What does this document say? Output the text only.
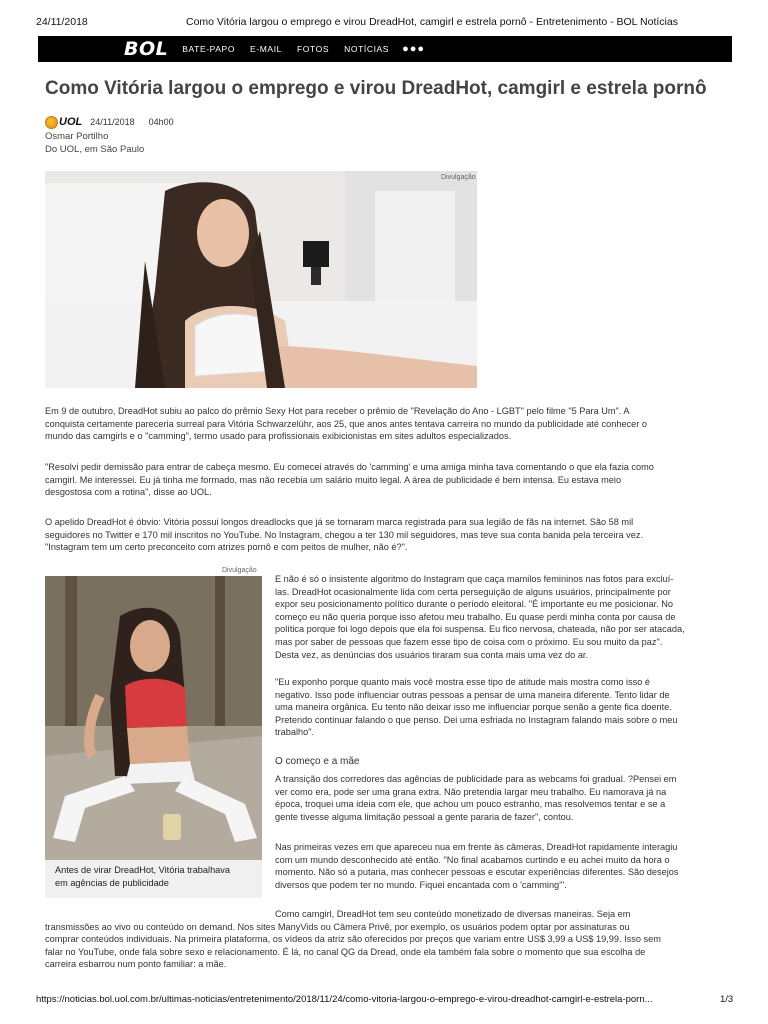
24/11/2018	Como Vitória largou o emprego e virou DreadHot, camgirl e estrela pornô - Entretenimento - BOL Notícias
BOL BATE-PAPO E-MAIL FOTOS NOTÍCIAS ●●●
Como Vitória largou o emprego e virou DreadHot, camgirl e estrela pornô
UOL 24/11/2018 04h00
Osmar Portilho
Do UOL, em São Paulo
Divulgação
Em 9 de outubro, DreadHot subiu ao palco do prêmio Sexy Hot para receber o prêmio de "Revelação do Ano - LGBT" pelo filme "5 Para Um". A
conquista certamente pareceria surreal para Vitória Schwarzelühr, aos 25, que anos antes tentava carreira no mundo da publicidade até conhecer o
mundo das camgirls e o "camming", termo usado para profissionais exibicionistas em sites adultos especializados.
"Resolvi pedir demissão para entrar de cabeça mesmo. Eu comecei através do 'camming' e uma amiga minha tava comentando o que ela fazia como
camgirl. Me interessei. Eu já tinha me formado, mas não recebia um salário muito legal. A área de publicidade é bem intensa. Eu estava meio
desgostosa com a rotina", disse ao UOL.
O apelido DreadHot é óbvio: Vitória possui longos dreadlocks que já se tornaram marca registrada para sua legião de fãs na internet. São 58 mil
seguidores no Twitter e 170 mil inscritos no YouTube. No Instagram, chegou a ter 130 mil seguidores, mas teve sua conta banida pela terceira vez.
"Instagram tem um certo preconceito com atrizes pornô e com peitos de mulher, não é?".
Divulgação
Antes de virar DreadHot, Vitória trabalhava
em agências de publicidade
E não é só o insistente algoritmo do Instagram que caça mamilos femininos nas fotos para excluí-
las. DreadHot ocasionalmente lida com certa perseguição de alguns usuários, principalmente por
expor seu posicionamento político durante o período eleitoral. "É importante eu me posicionar. No
começo eu não queria porque isso afetou meu trabalho. Eu quase perdi minha conta por causa de
política porque foi logo depois que ela foi suspensa. Eu fico nervosa, chateada, não por ser atacada,
mas por saber de pessoas que fazem esse tipo de coisa com o próximo. Eu sou muito da paz".
Desta vez, as denúncias dos usuários tiraram sua conta mais uma vez do ar.
"Eu exponho porque quanto mais você mostra esse tipo de atitude mais mostra como isso é
negativo. Isso pode influenciar outras pessoas a pensar de uma maneira diferente. Tento lidar de
uma maneira orgânica. Eu tento não deixar isso me influenciar porque senão a gente fica doente.
Pretendo continuar falando o que penso. Dei uma esfriada no Instagram falando mais sobre o meu
trabalho".
O começo e a mãe
A transição dos corredores das agências de publicidade para as webcams foi gradual. ?Pensei em
ver como era, pode ser uma grana extra. Não pretendia largar meu trabalho. Eu namorava já na
época, troquei uma ideia com ele, que achou um pouco estranho, mas resolvemos tentar e se a
gente tivesse alguma limitação pessoal a gente pararia de fazer", contou.
Nas primeiras vezes em que apareceu nua em frente às câmeras, DreadHot rapidamente interagiu
com um mundo desconhecido até então. "No final acabamos curtindo e eu achei muito da hora o
momento. Não só a putaria, mas conhecer pessoas e escutar experiências diferentes. São desejos
diversos que podem ter no mundo. Fiquei encantada com o 'camming'".
Como camgirl, DreadHot tem seu conteúdo monetizado de diversas maneiras. Seja em
transmissões ao vivo ou conteúdo on demand. Nos sites ManyVids ou Câmera Privê, por exemplo, os usuários podem optar por assinaturas ou
comprar conteúdos individuais. Na primeira plataforma, os vídeos da atriz são oferecidos por preços que variam entre US$ 3,99 a US$ 19,99. Isso sem
falar no YouTube, onde fala sobre sexo e relacionamento. É lá, no canal QG da Dread, onde ela também fala sobre o momento que sua escolha de
carreira esbarrou num ponto familiar: a mãe.
https://noticias.bol.uol.com.br/ultimas-noticias/entretenimento/2018/11/24/como-vitoria-largou-o-emprego-e-virou-dreadhot-camgirl-e-estrela-porn...	1/3
